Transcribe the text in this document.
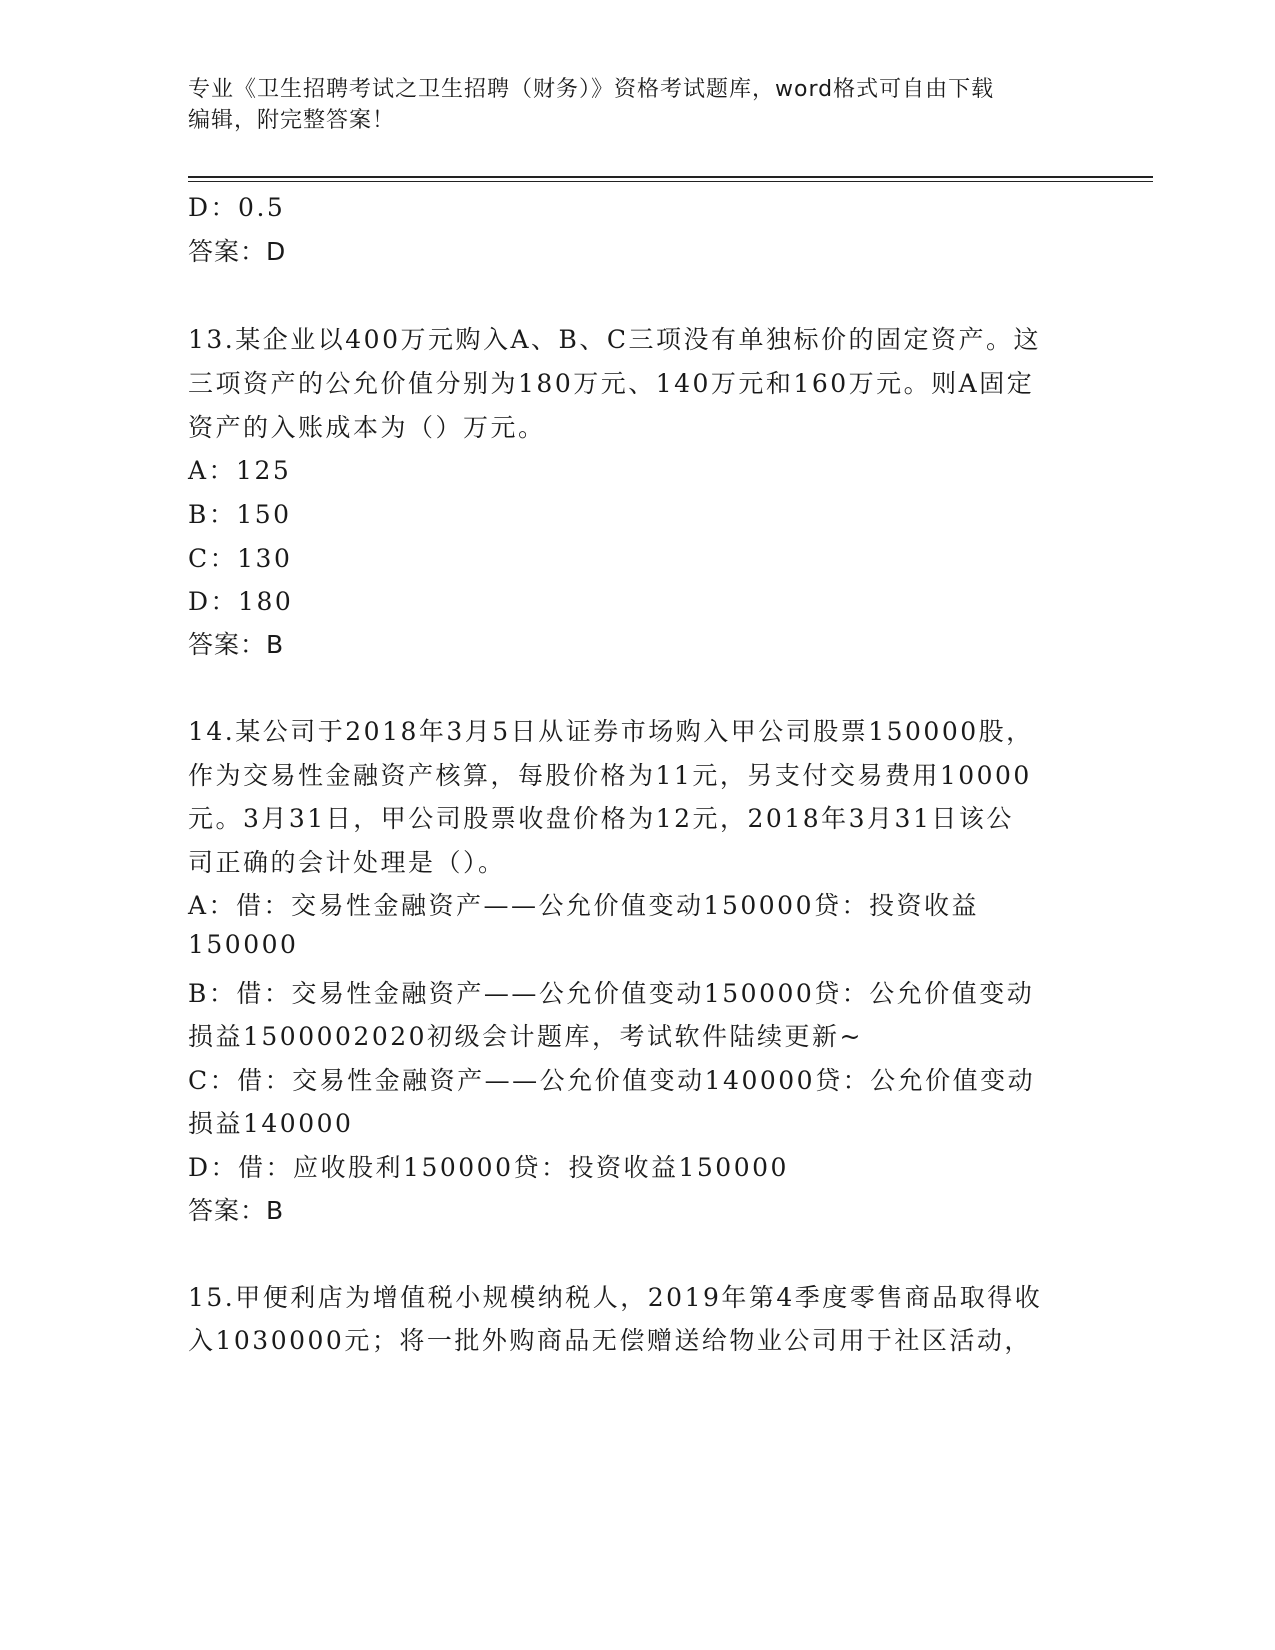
专业《卫生招聘考试之卫生招聘（财务）》资格考试题库，word格式可自由下载
编辑，附完整答案！
D：0.5
答案：D
13.某企业以400万元购入A、B、C三项没有单独标价的固定资产。这
三项资产的公允价值分别为180万元、140万元和160万元。则A固定
资产的入账成本为（）万元。
A：125
B：150
C：130
D：180
答案：B
14.某公司于2018年3月5日从证券市场购入甲公司股票150000股，
作为交易性金融资产核算，每股价格为11元，另支付交易费用10000
元。3月31日，甲公司股票收盘价格为12元，2018年3月31日该公
司正确的会计处理是（）。
A：借：交易性金融资产——公允价值变动150000贷：投资收益
150000
B：借：交易性金融资产——公允价值变动150000贷：公允价值变动
损益1500002020初级会计题库，考试软件陆续更新~
C：借：交易性金融资产——公允价值变动140000贷：公允价值变动
损益140000
D：借：应收股利150000贷：投资收益150000
答案：B
15.甲便利店为增值税小规模纳税人，2019年第4季度零售商品取得收
入1030000元；将一批外购商品无偿赠送给物业公司用于社区活动，
